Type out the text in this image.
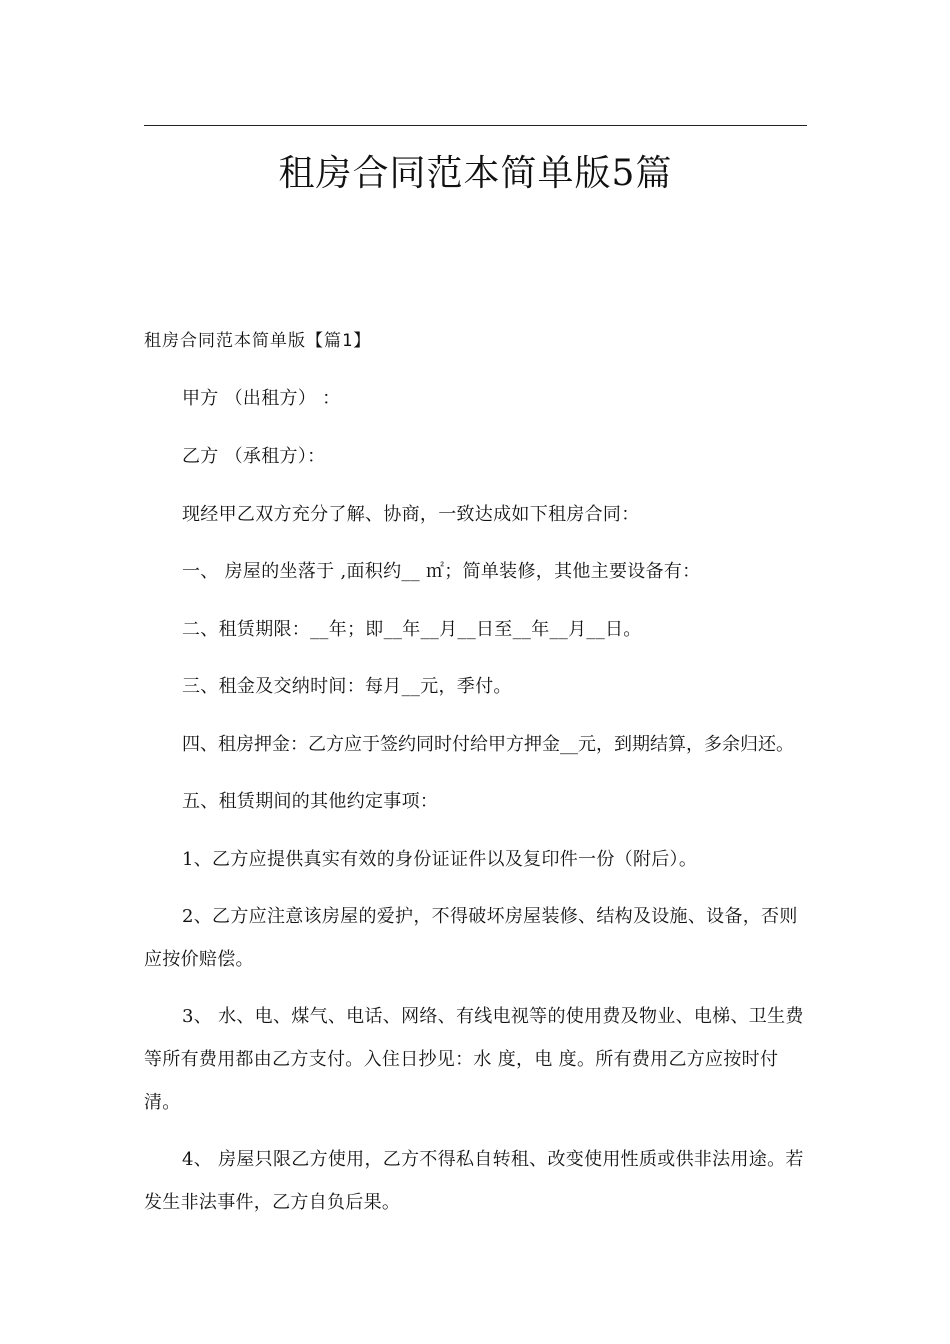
租房合同范本简单版5篇
租房合同范本简单版【篇1】

甲方 （出租方） ：

乙方 （承租方）：

现经甲乙双方充分了解、协商，一致达成如下租房合同：

一、 房屋的坐落于 ,面积约__ ㎡；简单装修，其他主要设备有：

二、租赁期限：__年；即__年__月__日至__年__月__日。

三、租金及交纳时间：每月__元，季付。

四、租房押金：乙方应于签约同时付给甲方押金__元，到期结算，多余归还。

五、租赁期间的其他约定事项：

1、乙方应提供真实有效的身份证证件以及复印件一份（附后）。

2、乙方应注意该房屋的爱护，不得破坏房屋装修、结构及设施、设备，否则应按价赔偿。

3、 水、电、煤气、电话、网络、有线电视等的使用费及物业、电梯、卫生费等所有费用都由乙方支付。入住日抄见：水 度，电 度。所有费用乙方应按时付清。

4、 房屋只限乙方使用，乙方不得私自转租、改变使用性质或供非法用途。若发生非法事件，乙方自负后果。
